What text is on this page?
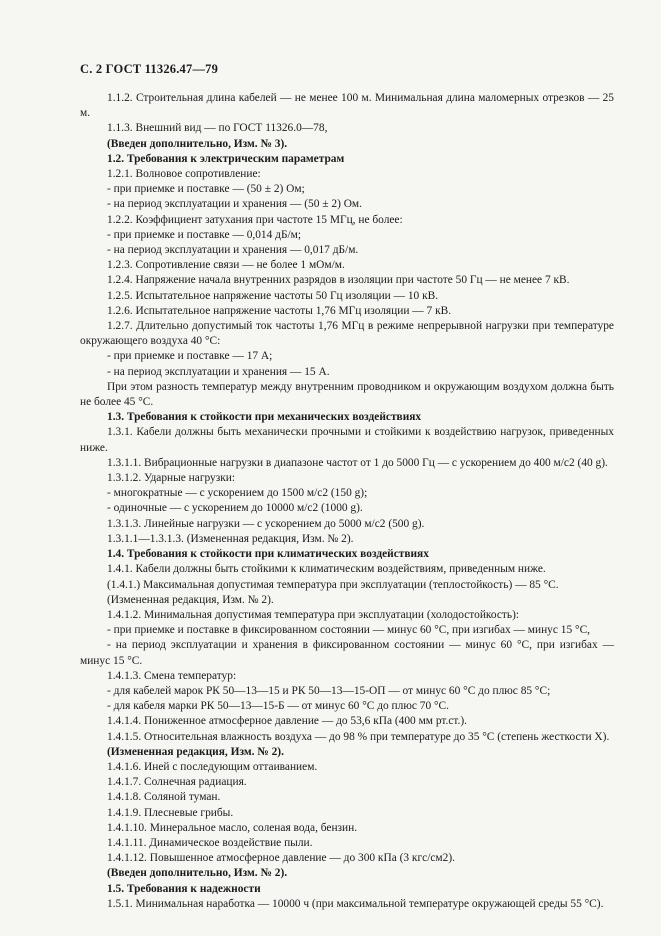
С. 2 ГОСТ 11326.47—79

1.1.2. Строительная длина кабелей — не менее 100 м. Минимальная длина маломерных отрезков — 25 м.

1.1.3. Внешний вид — по ГОСТ 11326.0—78,

(Введен дополнительно, Изм. № 3).

1.2. Требования к электрическим параметрам

1.2.1. Волновое сопротивление:

- при приемке и поставке — (50 ± 2) Ом;

- на период эксплуатации и хранения — (50 ± 2) Ом.

1.2.2. Коэффициент затухания при частоте 15 МГц, не более:

- при приемке и поставке — 0,014 дБ/м;

- на период эксплуатации и хранения — 0,017 дБ/м.

1.2.3. Сопротивление связи — не более 1 мОм/м.

1.2.4. Напряжение начала внутренних разрядов в изоляции при частоте 50 Гц — не менее 7 кВ.

1.2.5. Испытательное напряжение частоты 50 Гц изоляции — 10 кВ.

1.2.6. Испытательное напряжение частоты 1,76 МГц изоляции — 7 кВ.

1.2.7. Длительно допустимый ток частоты 1,76 МГц в режиме непрерывной нагрузки при температуре окружающего воздуха 40 °С:

- при приемке и поставке — 17 А;

- на период эксплуатации и хранения — 15 А.

При этом разность температур между внутренним проводником и окружающим воздухом должна быть не более 45 °С.

1.3. Требования к стойкости при механических воздействиях

1.3.1. Кабели должны быть механически прочными и стойкими к воздействию нагрузок, приведенных ниже.

1.3.1.1. Вибрационные нагрузки в диапазоне частот от 1 до 5000 Гц — с ускорением до 400 м/с2 (40 g).

1.3.1.2. Ударные нагрузки:

- многократные — с ускорением до 1500 м/с2 (150 g);

- одиночные — с ускорением до 10000 м/с2 (1000 g).

1.3.1.3. Линейные нагрузки — с ускорением до 5000 м/с2 (500 g).

1.3.1.1—1.3.1.3. (Измененная редакция, Изм. № 2).

1.4. Требования к стойкости при климатических воздействиях

1.4.1. Кабели должны быть стойкими к климатическим воздействиям, приведенным ниже.

(1.4.1.) Максимальная допустимая температура при эксплуатации (теплостойкость) — 85 °С.

(Измененная редакция, Изм. № 2).

1.4.1.2. Минимальная допустимая температура при эксплуатации (холодостойкость):

- при приемке и поставке в фиксированном состоянии — минус 60 °С, при изгибах — минус 15 °С,

- на период эксплуатации и хранения в фиксированном состоянии — минус 60 °С, при изгибах — минус 15 °С.

1.4.1.3. Смена температур:

- для кабелей марок РК 50—13—15 и РК 50—13—15-ОП — от минус 60 °С до плюс 85 °С;

- для кабеля марки РК 50—13—15-Б — от минус 60 °С до плюс 70 °С.

1.4.1.4. Пониженное атмосферное давление — до 53,6 кПа (400 мм рт.ст.).

1.4.1.5. Относительная влажность воздуха — до 98 % при температуре до 35 °С (степень жесткости X).

(Измененная редакция, Изм. № 2).

1.4.1.6. Иней с последующим оттаиванием.

1.4.1.7. Солнечная радиация.

1.4.1.8. Соляной туман.

1.4.1.9. Плесневые грибы.

1.4.1.10. Минеральное масло, соленая вода, бензин.

1.4.1.11. Динамическое воздействие пыли.

1.4.1.12. Повышенное атмосферное давление — до 300 кПа (3 кгс/см2).

(Введен дополнительно, Изм. № 2).

1.5. Требования к надежности

1.5.1. Минимальная наработка — 10000 ч (при максимальной температуре окружающей среды 55 °С).
